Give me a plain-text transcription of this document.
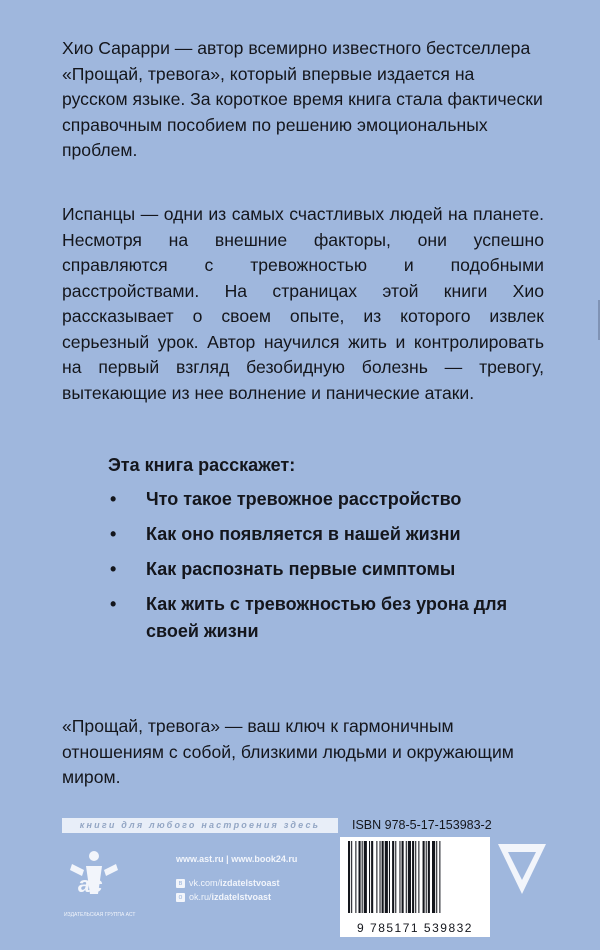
Хио Сарарри — автор всемирно известного бестселлера «Прощай, тревога», который впервые издается на русском языке. За короткое время книга стала фактически справочным пособием по решению эмоциональных проблем.

Испанцы — одни из самых счастливых людей на планете. Несмотря на внешние факторы, они успешно справляются с тревожностью и подобными расстройствами. На страницах этой книги Хио рассказывает о своем опыте, из которого извлек серьезный урок. Автор научился жить и контролировать на первый взгляд безобидную болезнь — тревогу, вытекающие из нее волнение и панические атаки.

Эта книга расскажет:

• Что такое тревожное расстройство
• Как оно появляется в нашей жизни
• Как распознать первые симптомы
• Как жить с тревожностью без урона для своей жизни

«Прощай, тревога» — ваш ключ к гармоничным отношениям с собой, близкими людьми и окружающим миром.

книги для любого настроения здесь
ac
ИЗДАТЕЛЬСКАЯ ГРУППА АСТ
www.ast.ru | www.book24.ru
в vk.com/izdatelstvoast
о ok.ru/izdatelstvoast
ISBN 978-5-17-153983-2
9 785171 539832
